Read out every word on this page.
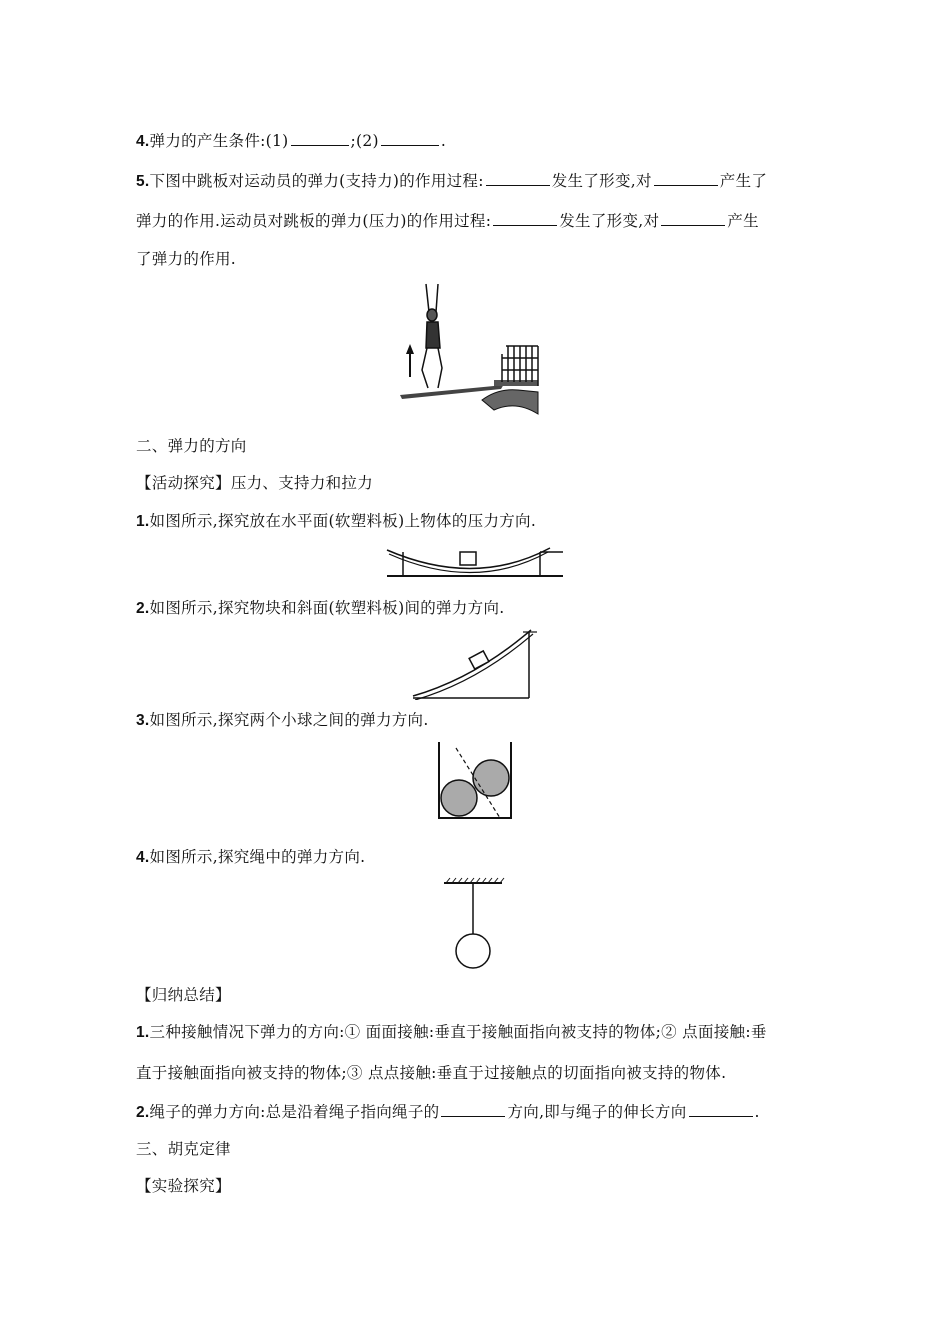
4.弹力的产生条件:(1)	;(2)	.
5.下图中跳板对运动员的弹力(支持力)的作用过程:	发生了形变,对	产生了
弹力的作用.运动员对跳板的弹力(压力)的作用过程:	发生了形变,对	产生
了弹力的作用.
二、弹力的方向
【活动探究】压力、支持力和拉力
1.如图所示,探究放在水平面(软塑料板)上物体的压力方向.
2.如图所示,探究物块和斜面(软塑料板)间的弹力方向.
3.如图所示,探究两个小球之间的弹力方向.
4.如图所示,探究绳中的弹力方向.
【归纳总结】
1.三种接触情况下弹力的方向:① 面面接触:垂直于接触面指向被支持的物体;② 点面接触:垂
直于接触面指向被支持的物体;③ 点点接触:垂直于过接触点的切面指向被支持的物体.
2.绳子的弹力方向:总是沿着绳子指向绳子的	方向,即与绳子的伸长方向	.
三、胡克定律
【实验探究】
